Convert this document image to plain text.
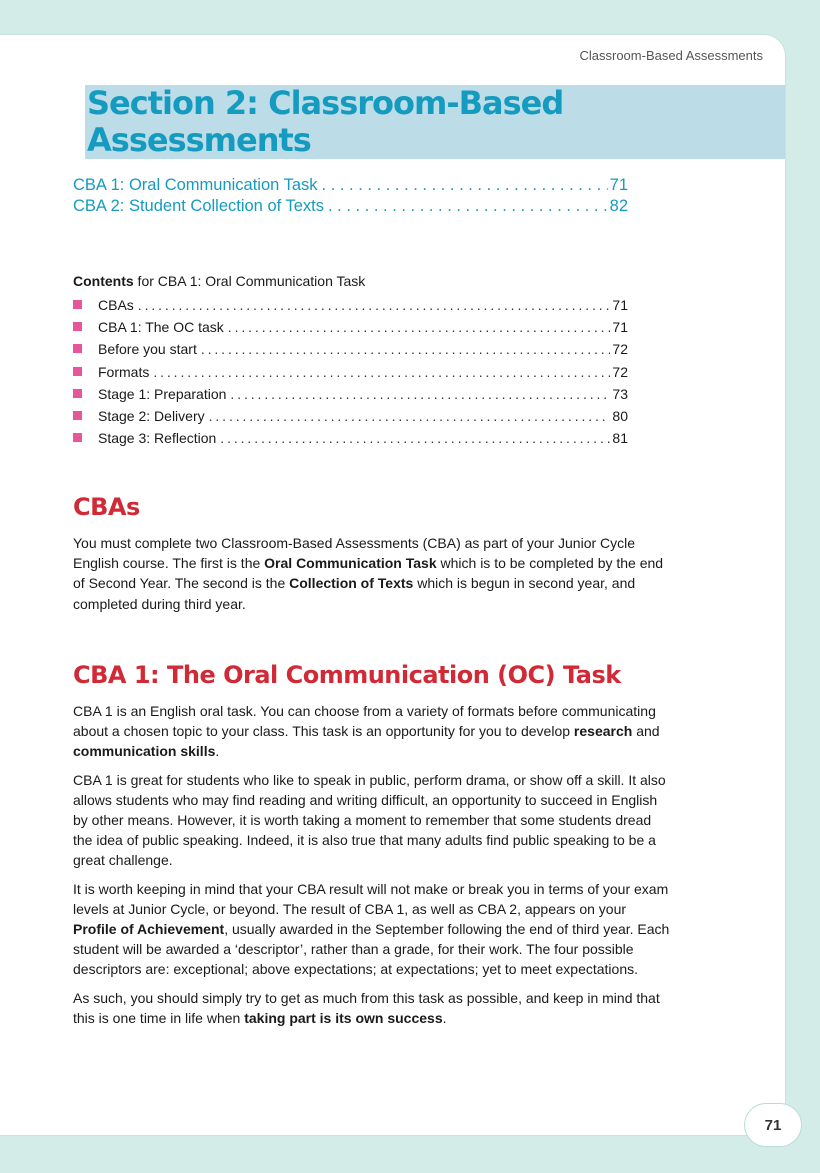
Classroom-Based Assessments
Section 2: Classroom-Based Assessments
CBA 1: Oral Communication Task . . .	71
CBA 2: Student Collection of Texts . . .	82
Contents for CBA 1: Oral Communication Task
CBAs . . .	71
CBA 1: The OC task . . .	71
Before you start . . .	72
Formats . . .	72
Stage 1: Preparation . . .	73
Stage 2: Delivery . . .	80
Stage 3: Reflection . . .	81
CBAs

You must complete two Classroom-Based Assessments (CBA) as part of your Junior Cycle English course. The first is the Oral Communication Task which is to be completed by the end of Second Year. The second is the Collection of Texts which is begun in second year, and completed during third year.

CBA 1: The Oral Communication (OC) Task

CBA 1 is an English oral task. You can choose from a variety of formats before communicating about a chosen topic to your class. This task is an opportunity for you to develop research and communication skills.

CBA 1 is great for students who like to speak in public, perform drama, or show off a skill. It also allows students who may find reading and writing difficult, an opportunity to succeed in English by other means. However, it is worth taking a moment to remember that some students dread the idea of public speaking. Indeed, it is also true that many adults find public speaking to be a great challenge.

It is worth keeping in mind that your CBA result will not make or break you in terms of your exam levels at Junior Cycle, or beyond. The result of CBA 1, as well as CBA 2, appears on your Profile of Achievement, usually awarded in the September following the end of third year. Each student will be awarded a ‘descriptor’, rather than a grade, for their work. The four possible descriptors are: exceptional; above expectations; at expectations; yet to meet expectations.

As such, you should simply try to get as much from this task as possible, and keep in mind that this is one time in life when taking part is its own success.

71
